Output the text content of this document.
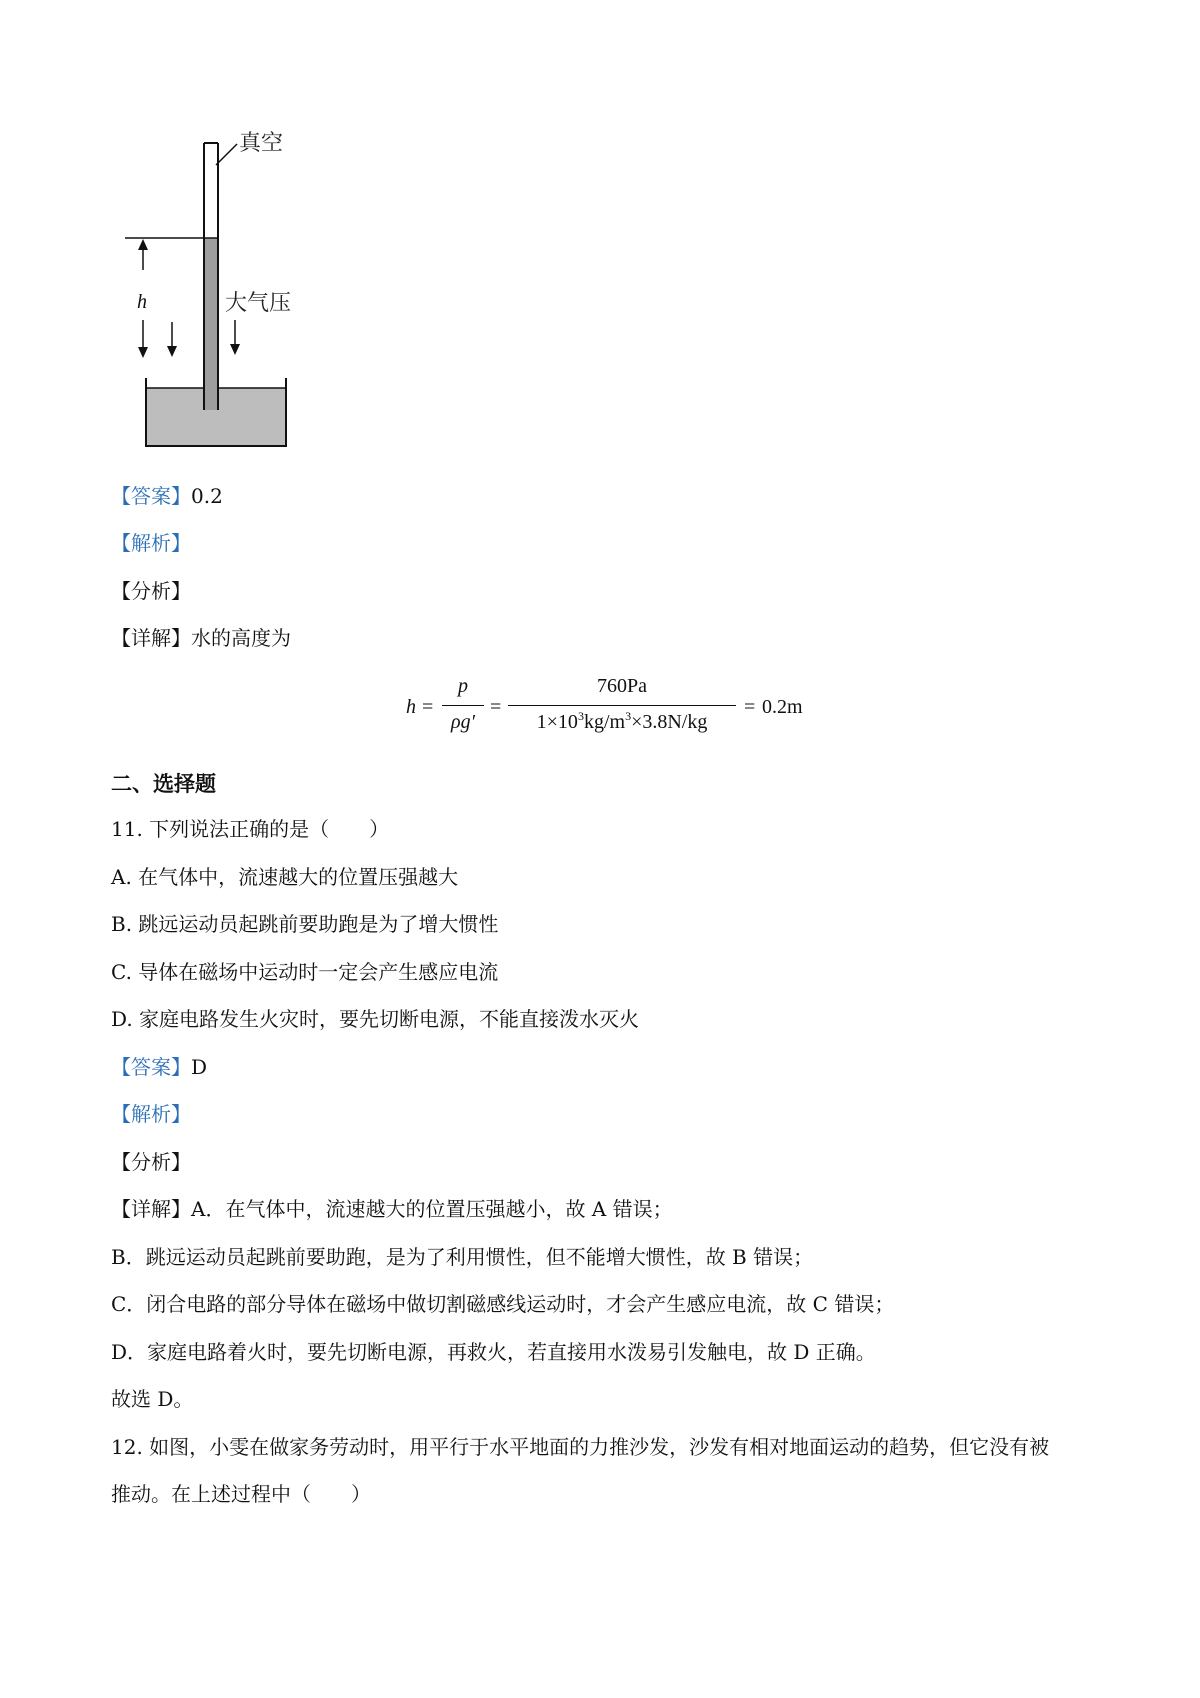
真空
h	大气压
【答案】0.2
【解析】
【分析】
【详解】水的高度为
h =
p
ρg′
=
760Pa
$1\times 10^3kg/m^3\times 3.8N/kg$
= 0.2m
二、选择题
11. 下列说法正确的是（　　）
A. 在气体中，流速越大的位置压强越大
B. 跳远运动员起跳前要助跑是为了增大惯性
C. 导体在磁场中运动时一定会产生感应电流
D. 家庭电路发生火灾时，要先切断电源，不能直接泼水灭火
【答案】D
【解析】
【分析】
【详解】A．在气体中，流速越大的位置压强越小，故 A 错误；
B．跳远运动员起跳前要助跑，是为了利用惯性，但不能增大惯性，故 B 错误；
C．闭合电路的部分导体在磁场中做切割磁感线运动时，才会产生感应电流，故 C 错误；
D．家庭电路着火时，要先切断电源，再救火，若直接用水泼易引发触电，故 D 正确。
故选 D。
12. 如图，小雯在做家务劳动时，用平行于水平地面的力推沙发，沙发有相对地面运动的趋势，但它没有被
推动。在上述过程中（　　）
